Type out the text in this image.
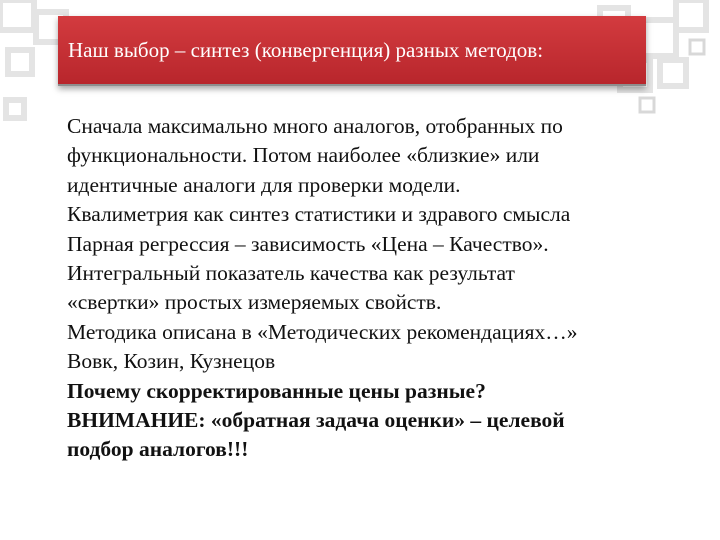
Наш выбор – синтез (конвергенция) разных методов:
Сначала максимально много аналогов, отобранных по
функциональности. Потом наиболее «близкие» или
идентичные аналоги для проверки модели.
Квалиметрия как синтез статистики и здравого смысла
Парная регрессия – зависимость «Цена – Качество».
Интегральный показатель качества как результат
«свертки» простых измеряемых свойств.
Методика описана в «Методических рекомендациях…»
Вовк, Козин, Кузнецов
Почему скорректированные цены разные?
ВНИМАНИЕ: «обратная задача оценки» – целевой
подбор аналогов!!!
